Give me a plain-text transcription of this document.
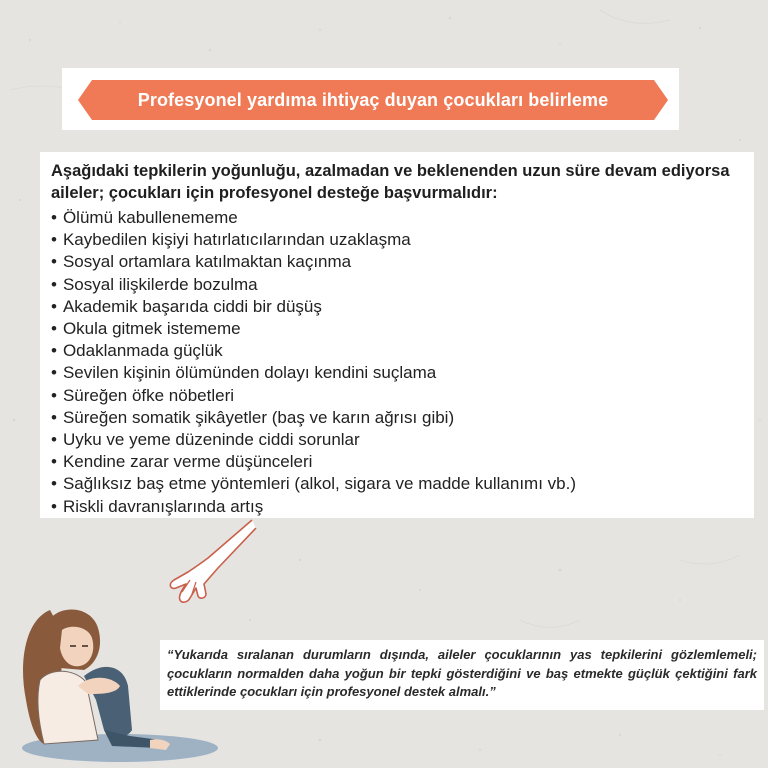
Profesyonel yardıma ihtiyaç duyan çocukları belirleme

Aşağıdaki tepkilerin yoğunluğu, azalmadan ve beklenenden uzun süre devam ediyorsa aileler; çocukları için profesyonel desteğe başvurmalıdır:

• Ölümü kabullenememe
• Kaybedilen kişiyi hatırlatıcılarından uzaklaşma
• Sosyal ortamlara katılmaktan kaçınma
• Sosyal ilişkilerde bozulma
• Akademik başarıda ciddi bir düşüş
• Okula gitmek istememe
• Odaklanmada güçlük
• Sevilen kişinin ölümünden dolayı kendini suçlama
• Süreğen öfke nöbetleri
• Süreğen somatik şikâyetler (baş ve karın ağrısı gibi)
• Uyku ve yeme düzeninde ciddi sorunlar
• Kendine zarar verme düşünceleri
• Sağlıksız baş etme yöntemleri (alkol, sigara ve madde kullanımı vb.)
• Riskli davranışlarında artış

“Yukarıda sıralanan durumların dışında, aileler çocuklarının yas tepkilerini gözlemlemeli; çocukların normalden daha yoğun bir tepki gösterdiğini ve baş etmekte güçlük çektiğini fark ettiklerinde çocukları için profesyonel destek almalı.”
